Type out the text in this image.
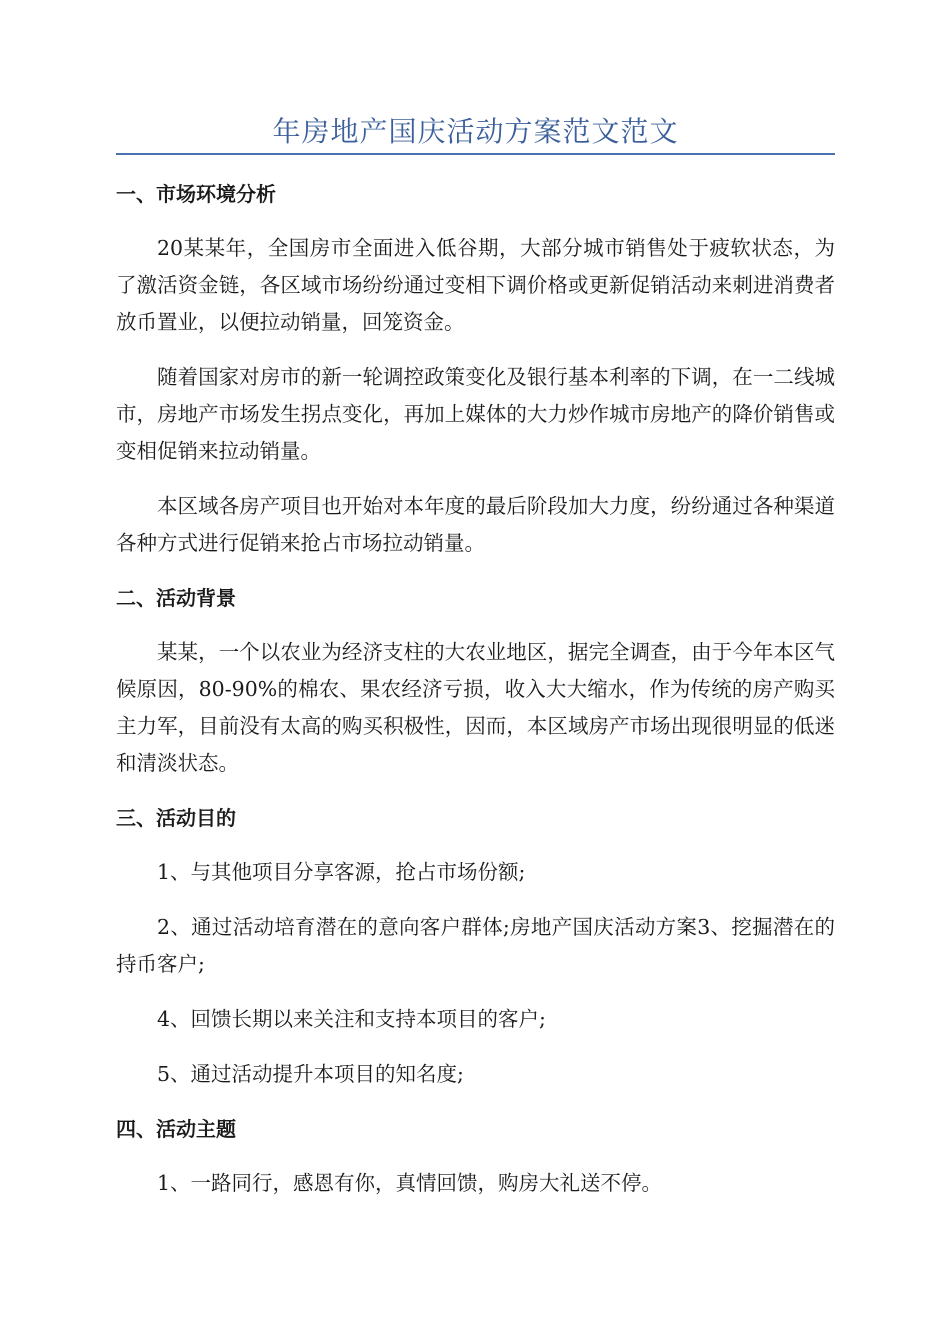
年房地产国庆活动方案范文范文
一、市场环境分析

20某某年，全国房市全面进入低谷期，大部分城市销售处于疲软状态，为了激活资金链，各区域市场纷纷通过变相下调价格或更新促销活动来刺进消费者放币置业，以便拉动销量，回笼资金。

随着国家对房市的新一轮调控政策变化及银行基本利率的下调，在一二线城市，房地产市场发生拐点变化，再加上媒体的大力炒作城市房地产的降价销售或变相促销来拉动销量。

本区域各房产项目也开始对本年度的最后阶段加大力度，纷纷通过各种渠道各种方式进行促销来抢占市场拉动销量。

二、活动背景

某某，一个以农业为经济支柱的大农业地区，据完全调查，由于今年本区气候原因，80-90%的棉农、果农经济亏损，收入大大缩水，作为传统的房产购买主力军，目前没有太高的购买积极性，因而，本区域房产市场出现很明显的低迷和清淡状态。

三、活动目的

1、与其他项目分享客源，抢占市场份额;

2、通过活动培育潜在的意向客户群体;房地产国庆活动方案3、挖掘潜在的持币客户;

4、回馈长期以来关注和支持本项目的客户;

5、通过活动提升本项目的知名度;

四、活动主题

1、一路同行，感恩有你，真情回馈，购房大礼送不停。
